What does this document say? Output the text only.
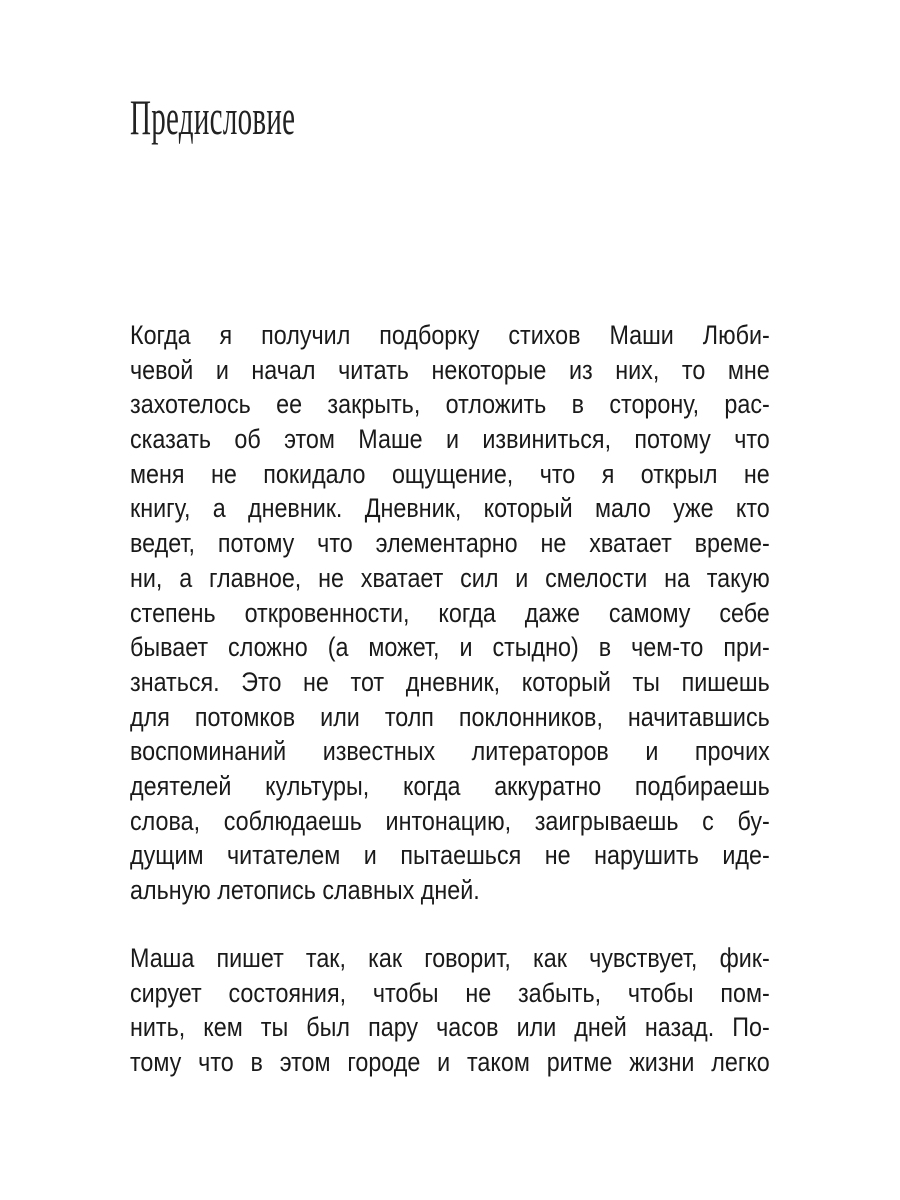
Предисловие
Когда я получил подборку стихов Маши Люби-
чевой и начал читать некоторые из них, то мне
захотелось ее закрыть, отложить в сторону, рас-
сказать об этом Маше и извиниться, потому что
меня не покидало ощущение, что я открыл не
книгу, а дневник. Дневник, который мало уже кто
ведет, потому что элементарно не хватает време-
ни, а главное, не хватает сил и смелости на такую
степень откровенности, когда даже самому себе
бывает сложно (а может, и стыдно) в чем-то при-
знаться. Это не тот дневник, который ты пишешь
для потомков или толп поклонников, начитавшись
воспоминаний известных литераторов и прочих
деятелей культуры, когда аккуратно подбираешь
слова, соблюдаешь интонацию, заигрываешь с бу-
дущим читателем и пытаешься не нарушить иде-
альную летопись славных дней.
Маша пишет так, как говорит, как чувствует, фик-
сирует состояния, чтобы не забыть, чтобы пом-
нить, кем ты был пару часов или дней назад. По-
тому что в этом городе и таком ритме жизни легко
